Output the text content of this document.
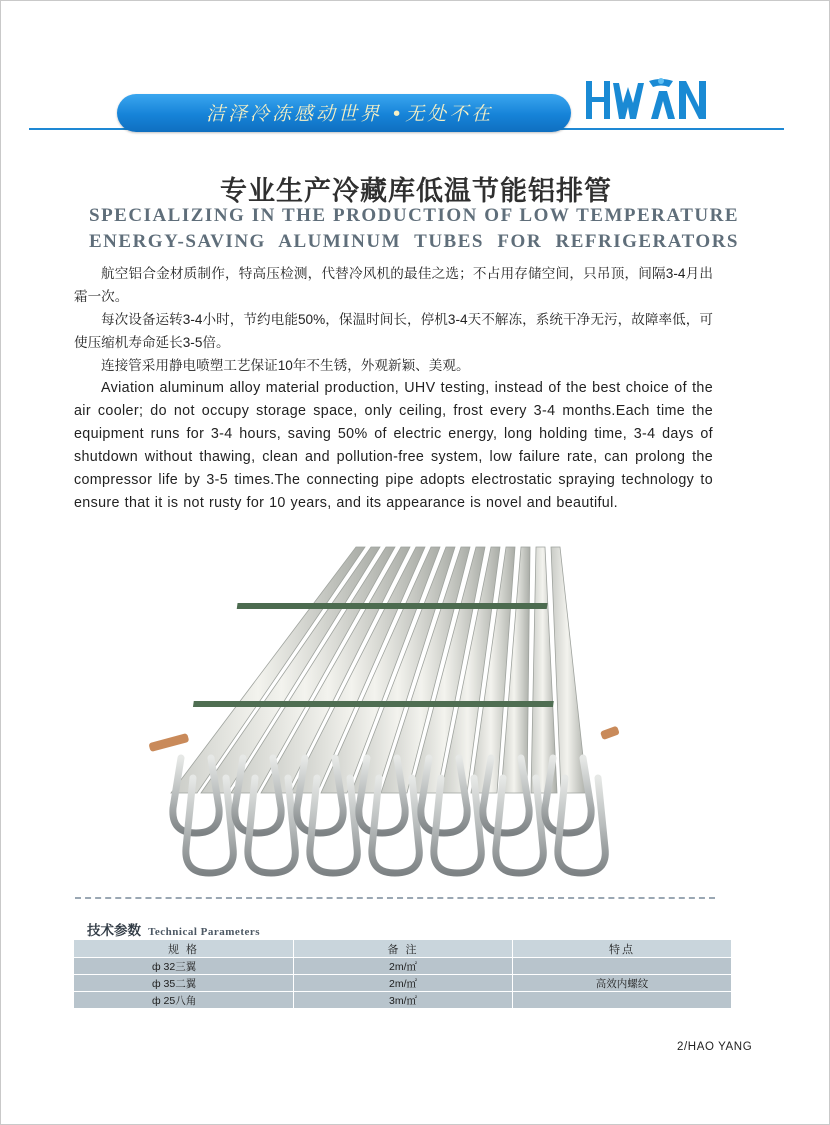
洁泽冷冻感动世界 •无处不在
专业生产冷藏库低温节能铝排管
SPECIALIZING IN THE PRODUCTION OF LOW TEMPERATURE
ENERGY-SAVING ALUMINUM TUBES FOR REFRIGERATORS
航空铝合金材质制作，特高压检测，代替冷风机的最佳之选；不占用存储空间，只吊顶，间隔3-4月出霜一次。
每次设备运转3-4小时，节约电能50%，保温时间长，停机3-4天不解冻，系统干净无污，故障率低，可使压缩机寿命延长3-5倍。
连接管采用静电喷塑工艺保证10年不生锈，外观新颖、美观。
Aviation aluminum alloy material production, UHV testing, instead of the best choice of the air cooler; do not occupy storage space, only ceiling, frost every 3-4 months.Each time the equipment runs for 3-4 hours, saving 50% of electric energy, long holding time, 3-4 days of shutdown without thawing, clean and pollution-free system, low failure rate, can prolong the compressor life by 3-5 times.The connecting pipe adopts electrostatic spraying technology to ensure that it is not rusty for 10 years, and its appearance is novel and beautiful.
技术参数 Technical Parameters
规 格	备 注	特点
ф 32三翼	2m/㎡	
ф 35二翼	2m/㎡	高效内螺纹
ф 25八角	3m/㎡	
2/HAO YANG
